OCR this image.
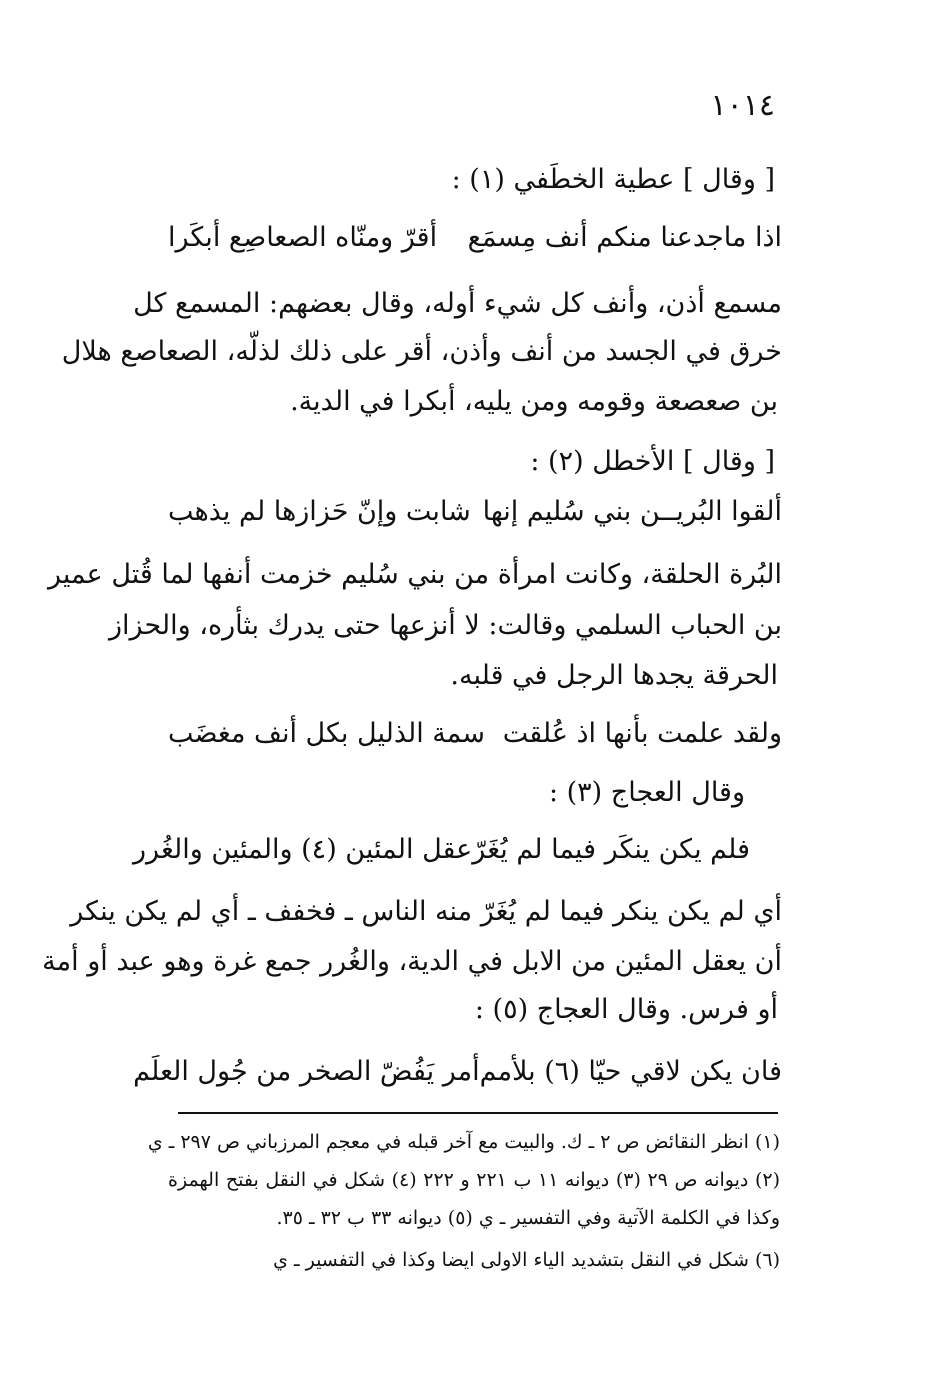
١٠١٤
[ وقال ] عطية الخطَفي (١) :
اذا ماجدعنا منكم أنف مِسمَع
أقرّ ومنّاه الصعاصِع أبكَرا
مسمع أذن، وأنف كل شيء أوله، وقال بعضهم: المسمع كل
خرق في الجسد من أنف وأذن، أقر على ذلك لذلّه، الصعاصع هلال
بن صعصعة وقومه ومن يليه، أبكرا في الدية.
[ وقال ] الأخطل (٢) :
ألقوا البُريــن بني سُليم إنها
شابت وإنّ حَزازها لم يذهب
البُرة الحلقة، وكانت امرأة من بني سُليم خزمت أنفها لما قُتل عمير
بن الحباب السلمي وقالت: لا أنزعها حتى يدرك بثأره، والحزاز
الحرقة يجدها الرجل في قلبه.
ولقد علمت بأنها اذ عُلقت
سمة الذليل بكل أنف مغضَب
وقال العجاج (٣) :
فلم يكن ينكَر فيما لم يُغَرّ
عقل المئين (٤) والمئين والغُرر
أي لم يكن ينكر فيما لم يُغَرّ منه الناس ـ فخفف ـ أي لم يكن ينكر
أن يعقل المئين من الابل في الدية، والغُرر جمع غرة وهو عبد أو أمة
أو فرس. وقال العجاج (٥) :
فان يكن لاقي حيّا (٦) بلأمم
أمر يَفُضّ الصخر من جُول العلَم
(١) انظر النقائض ص ٢ ـ ك. والبيت مع آخر قبله في معجم المرزباني ص ٢٩٧ ـ ي
(٢) ديوانه ص ٢٩ (٣) ديوانه ١١ ب ٢٢١ و ٢٢٢ (٤) شكل في النقل بفتح الهمزة
وكذا في الكلمة الآتية وفي التفسير ـ ي (٥) ديوانه ٣٣ ب ٣٢ ـ ٣٥.
(٦) شكل في النقل بتشديد الياء الاولى ايضا وكذا في التفسير ـ ي
